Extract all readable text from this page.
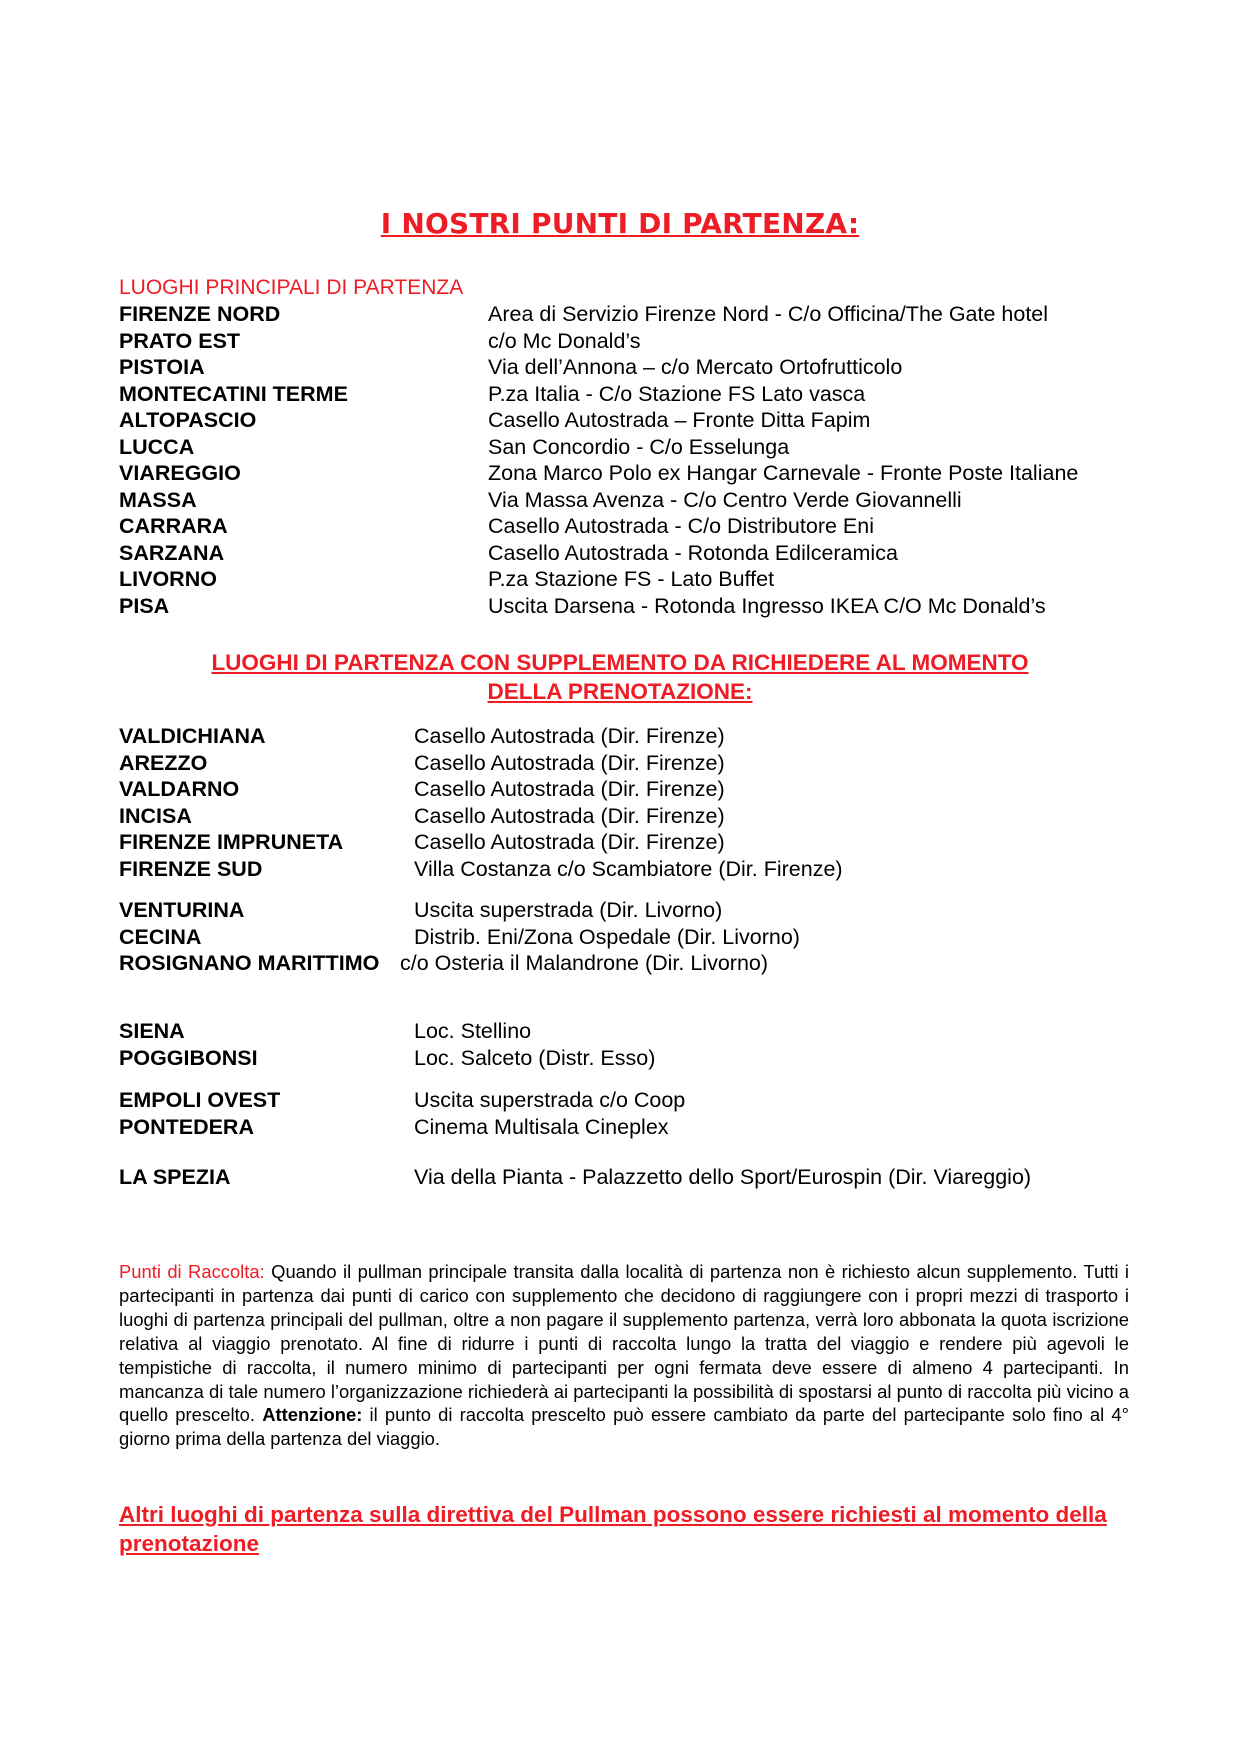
I NOSTRI PUNTI DI PARTENZA:
LUOGHI PRINCIPALI DI PARTENZA
FIRENZE NORD	Area di Servizio Firenze Nord - C/o Officina/The Gate hotel
PRATO EST	c/o Mc Donald’s
PISTOIA	Via dell’Annona – c/o Mercato Ortofrutticolo
MONTECATINI TERME	P.za Italia - C/o Stazione FS Lato vasca
ALTOPASCIO	Casello Autostrada – Fronte Ditta Fapim
LUCCA	San Concordio - C/o Esselunga
VIAREGGIO	Zona Marco Polo ex Hangar Carnevale - Fronte Poste Italiane
MASSA	Via Massa Avenza - C/o Centro Verde Giovannelli
CARRARA	Casello Autostrada - C/o Distributore Eni
SARZANA	Casello Autostrada - Rotonda Edilceramica
LIVORNO	P.za Stazione FS - Lato Buffet
PISA	Uscita Darsena - Rotonda Ingresso IKEA C/O Mc Donald’s
LUOGHI DI PARTENZA CON SUPPLEMENTO DA RICHIEDERE AL MOMENTO
DELLA PRENOTAZIONE:
VALDICHIANA	Casello Autostrada (Dir. Firenze)
AREZZO	Casello Autostrada (Dir. Firenze)
VALDARNO	Casello Autostrada (Dir. Firenze)
INCISA	Casello Autostrada (Dir. Firenze)
FIRENZE IMPRUNETA	Casello Autostrada (Dir. Firenze)
FIRENZE SUD	Villa Costanza c/o Scambiatore (Dir. Firenze)
VENTURINA	Uscita superstrada (Dir. Livorno)
CECINA	Distrib. Eni/Zona Ospedale (Dir. Livorno)
ROSIGNANO MARITTIMO c/o Osteria il Malandrone (Dir. Livorno)
SIENA	Loc. Stellino
POGGIBONSI	Loc. Salceto (Distr. Esso)
EMPOLI OVEST	Uscita superstrada c/o Coop
PONTEDERA	Cinema Multisala Cineplex
LA SPEZIA	Via della Pianta - Palazzetto dello Sport/Eurospin (Dir. Viareggio)
Punti di Raccolta: Quando il pullman principale transita dalla località di partenza non è richiesto alcun supplemento. Tutti i partecipanti in partenza dai punti di carico con supplemento che decidono di raggiungere con i propri mezzi di trasporto i luoghi di partenza principali del pullman, oltre a non pagare il supplemento partenza, verrà loro abbonata la quota iscrizione relativa al viaggio prenotato. Al fine di ridurre i punti di raccolta lungo la tratta del viaggio e rendere più agevoli le tempistiche di raccolta, il numero minimo di partecipanti per ogni fermata deve essere di almeno 4 partecipanti. In mancanza di tale numero l’organizzazione richiederà ai partecipanti la possibilità di spostarsi al punto di raccolta più vicino a quello prescelto. Attenzione: il punto di raccolta prescelto può essere cambiato da parte del partecipante solo fino al 4° giorno prima della partenza del viaggio.
Altri luoghi di partenza sulla direttiva del Pullman possono essere richiesti al momento della prenotazione
